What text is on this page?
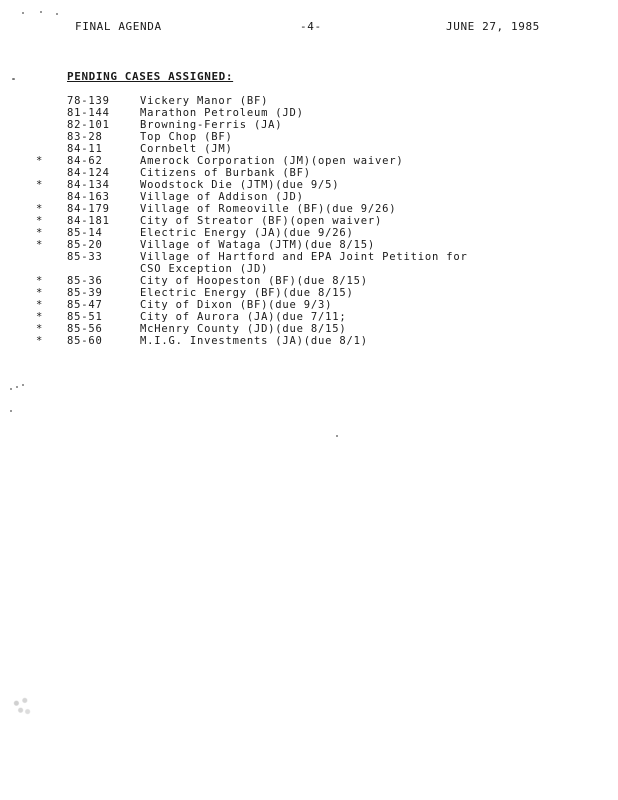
FINAL AGENDA	-4-	JUNE 27, 1985
PENDING CASES ASSIGNED:
78-139	Vickery Manor (BF)
81-144	Marathon Petroleum (JD)
82-101	Browning-Ferris (JA)
83-28	Top Chop (BF)
84-11	Cornbelt (JM)
* 84-62	Amerock Corporation (JM)(open waiver)
84-124	Citizens of Burbank (BF)
* 84-134	Woodstock Die (JTM)(due 9/5)
84-163	Village of Addison (JD)
* 84-179	Village of Romeoville (BF)(due 9/26)
* 84-181	City of Streator (BF)(open waiver)
* 85-14	Electric Energy (JA)(due 9/26)
* 85-20	Village of Wataga (JTM)(due 8/15)
85-33	Village of Hartford and EPA Joint Petition for
CSO Exception (JD)
* 85-36	City of Hoopeston (BF)(due 8/15)
* 85-39	Electric Energy (BF)(due 8/15)
* 85-47	City of Dixon (BF)(due 9/3)
* 85-51	City of Aurora (JA)(due 7/11;
* 85-56	McHenry County (JD)(due 8/15)
* 85-60	M.I.G. Investments (JA)(due 8/1)
